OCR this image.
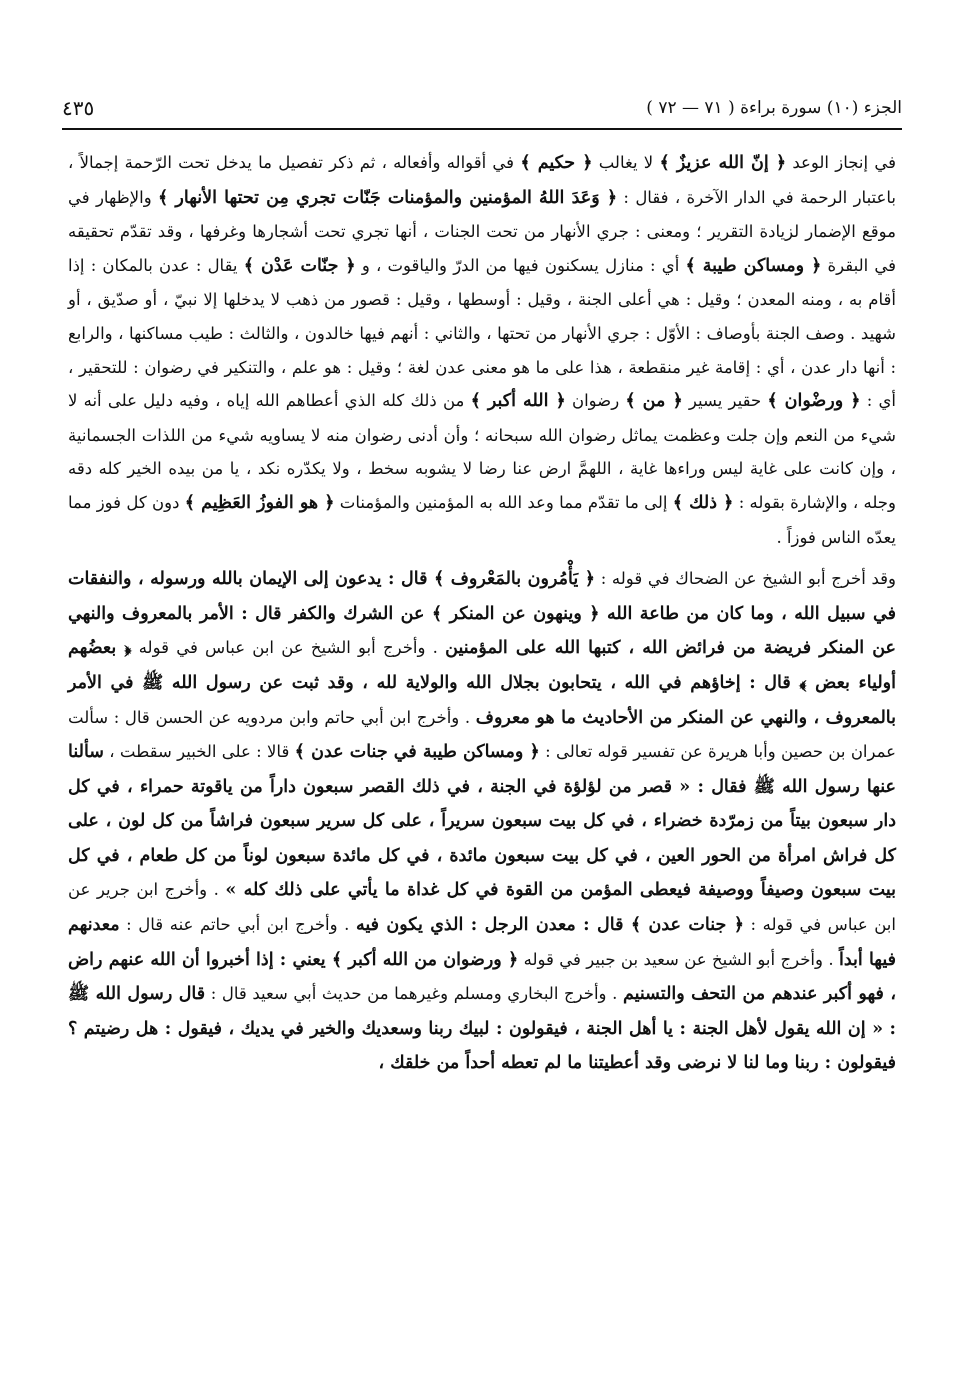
الجزء (١٠) سورة براءة ( ٧١ — ٧٢ )
٤٣٥

في إنجاز الوعد ﴿ إنّ الله عزيزٌ ﴾ لا يغالب ﴿ حكيم ﴾ في أقواله وأفعاله ، ثم ذكر تفصيل ما يدخل تحت الرّحمة إجمالاً ، باعتبار الرحمة في الدار الآخرة ، فقال : ﴿ وَعَدَ اللهُ المؤمنين والمؤمنات جَنّات تجري مِن تحتها الأنهار ﴾ والإظهار في موقع الإضمار لزيادة التقرير ؛ ومعنى : جري الأنهار من تحت الجنات ، أنها تجري تحت أشجارها وغرفها ، وقد تقدّم تحقيقه في البقرة ﴿ ومساكن طيبة ﴾ أي : منازل يسكنون فيها من الدرّ والياقوت ، و ﴿ جنّات عَدْن ﴾ يقال : عدن بالمكان : إذا أقام به ، ومنه المعدن ؛ وقيل : هي أعلى الجنة ، وقيل : أوسطها ، وقيل : قصور من ذهب لا يدخلها إلا نبيّ ، أو صدّيق ، أو شهيد . وصف الجنة بأوصاف : الأوّل : جري الأنهار من تحتها ، والثاني : أنهم فيها خالدون ، والثالث : طيب مساكنها ، والرابع : أنها دار عدن ، أي : إقامة غير منقطعة ، هذا على ما هو معنى عدن لغة ؛ وقيل : هو علم ، والتنكير في رضوان : للتحقير ، أي : ﴿ ورضْوان ﴾ حقير يسير ﴿ من ﴾ رضوان ﴿ الله أكبر ﴾ من ذلك كله الذي أعطاهم الله إياه ، وفيه دليل على أنه لا شيء من النعم وإن جلت وعظمت يماثل رضوان الله سبحانه ؛ وأن أدنى رضوان منه لا يساويه شيء من اللذات الجسمانية ، وإن كانت على غاية ليس وراءها غاية ، اللهمَّ ارض عنا رضا لا يشوبه سخط ، ولا يكدّره نكد ، يا من بيده الخير كله دقه وجله ، والإشارة بقوله : ﴿ ذلك ﴾ إلى ما تقدّم مما وعد الله به المؤمنين والمؤمنات ﴿ هو الفوزُ العَظِيم ﴾ دون كل فوز مما يعدّه الناس فوزاً .

وقد أخرج أبو الشيخ عن الضحاك في قوله : ﴿ يَأْمُرون بالمَعْروف ﴾ قال : يدعون إلى الإيمان بالله ورسوله ، والنفقات في سبيل الله ، وما كان من طاعة الله ﴿ وينهون عن المنكر ﴾ عن الشرك والكفر قال : الأمر بالمعروف والنهي عن المنكر فريضة من فرائض الله ، كتبها الله على المؤمنين . وأخرج أبو الشيخ عن ابن عباس في قوله ﴿ بعضُهم أولياء بعض ﴾ قال : إخاؤهم في الله ، يتحابون بجلال الله والولاية لله ، وقد ثبت عن رسول الله ﷺ في الأمر بالمعروف ، والنهي عن المنكر من الأحاديث ما هو معروف . وأخرج ابن أبي حاتم وابن مردويه عن الحسن قال : سألت عمران بن حصين وأبا هريرة عن تفسير قوله تعالى : ﴿ ومساكن طيبة في جنات عدن ﴾ قالا : على الخبير سقطت ، سألنا عنها رسول الله ﷺ فقال : « قصر من لؤلؤة في الجنة ، في ذلك القصر سبعون داراً من ياقوتة حمراء ، في كل دار سبعون بيتاً من زمرّدة خضراء ، في كل بيت سبعون سريراً ، على كل سرير سبعون فراشاً من كل لون ، على كل فراش امرأة من الحور العين ، في كل بيت سبعون مائدة ، في كل مائدة سبعون لوناً من كل طعام ، في كل بيت سبعون وصيفاً ووصيفة فيعطى المؤمن من القوة في كل غداة ما يأتي على ذلك كله » . وأخرج ابن جرير عن ابن عباس في قوله : ﴿ جنات عدن ﴾ قال : معدن الرجل : الذي يكون فيه . وأخرج ابن أبي حاتم عنه قال : معدنهم فيها أبداً . وأخرج أبو الشيخ عن سعيد بن جبير في قوله ﴿ ورضوان من الله أكبر ﴾ يعني : إذا أخبروا أن الله عنهم راض ، فهو أكبر عندهم من التحف والتسنيم . وأخرج البخاري ومسلم وغيرهما من حديث أبي سعيد قال : قال رسول الله ﷺ : « إن الله يقول لأهل الجنة : يا أهل الجنة ، فيقولون : لبيك ربنا وسعديك والخير في يديك ، فيقول : هل رضيتم ؟ فيقولون : ربنا وما لنا لا نرضى وقد أعطيتنا ما لم تعطه أحداً من خلقك ،
